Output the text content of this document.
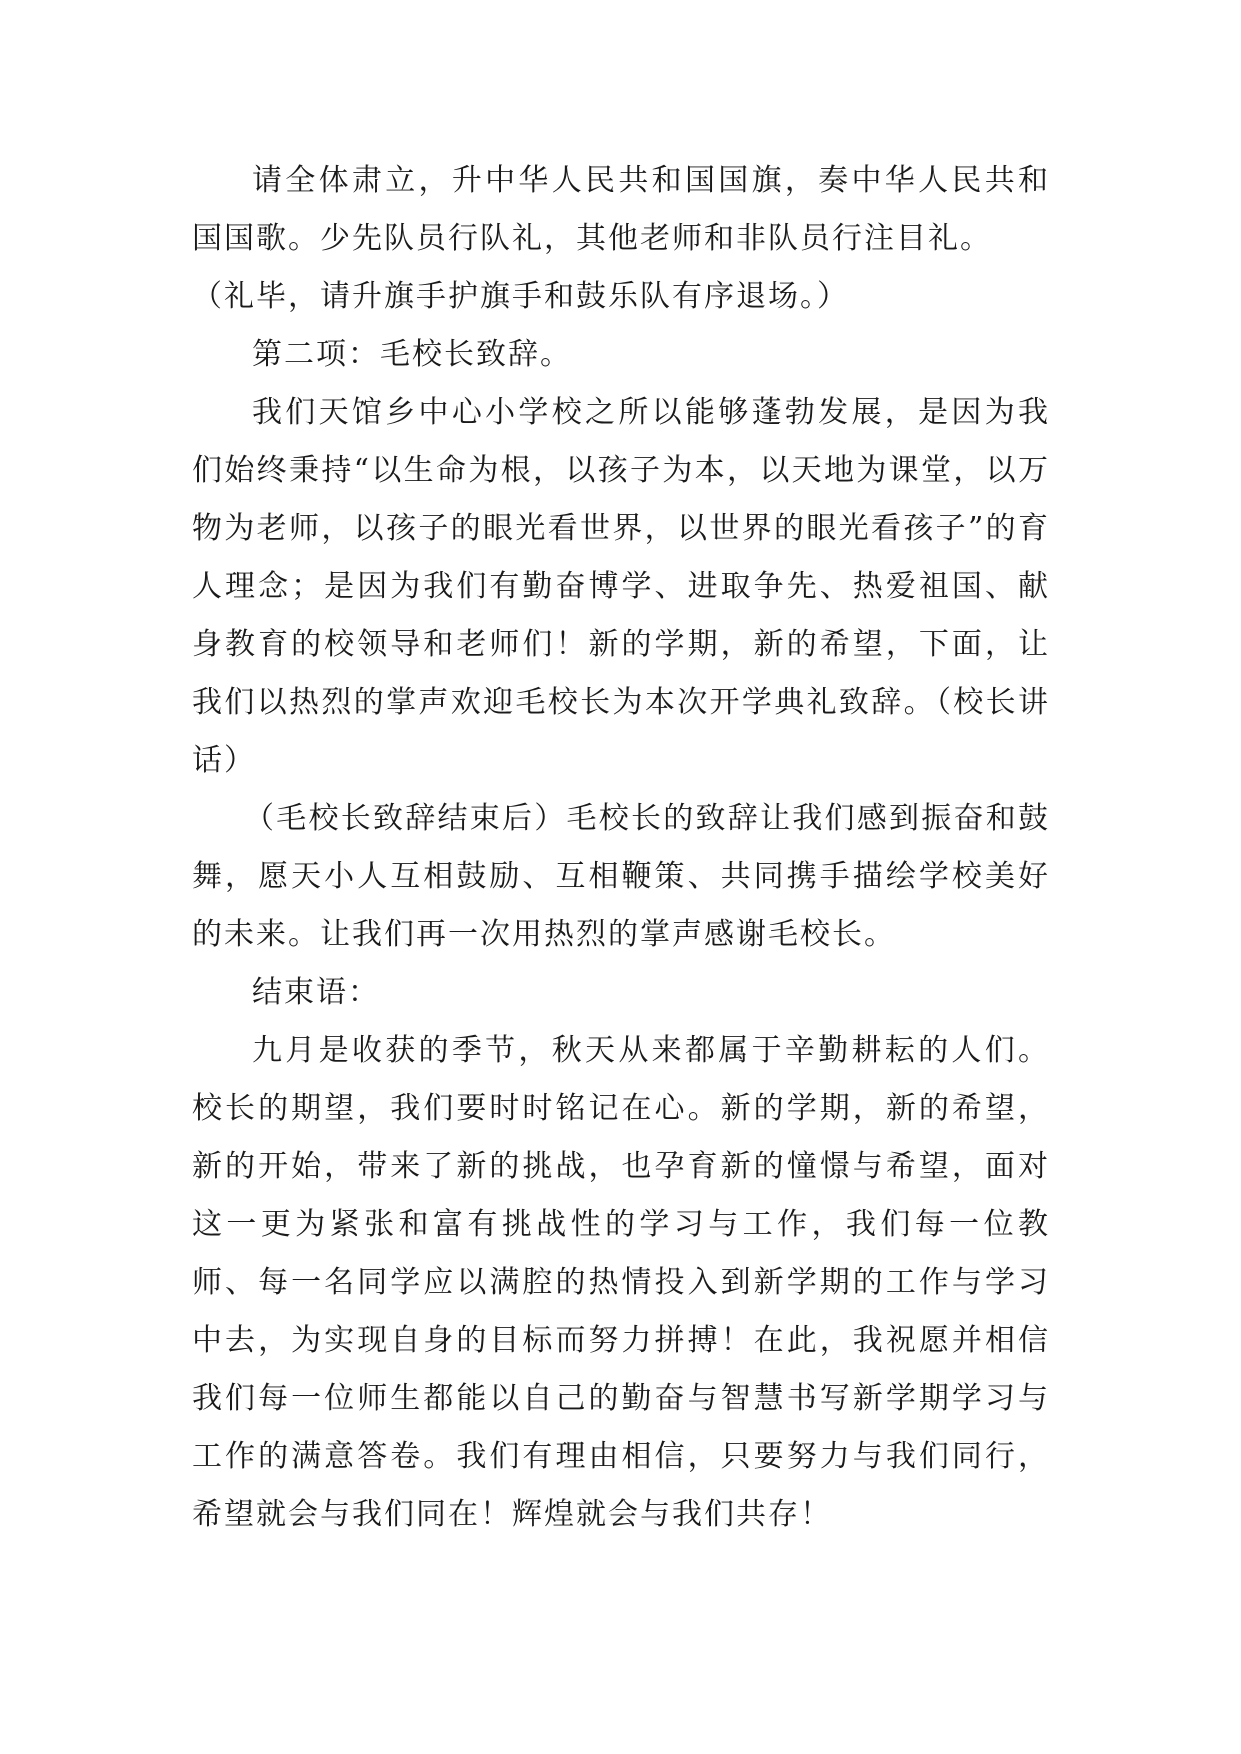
请全体肃立，升中华人民共和国国旗，奏中华人民共和国国歌。少先队员行队礼，其他老师和非队员行注目礼。

（礼毕，请升旗手护旗手和鼓乐队有序退场。）

第二项：毛校长致辞。

我们天馆乡中心小学校之所以能够蓬勃发展，是因为我们始终秉持“以生命为根，以孩子为本，以天地为课堂，以万物为老师，以孩子的眼光看世界，以世界的眼光看孩子”的育人理念；是因为我们有勤奋博学、进取争先、热爱祖国、献身教育的校领导和老师们！新的学期，新的希望，下面，让我们以热烈的掌声欢迎毛校长为本次开学典礼致辞。（校长讲话）

（毛校长致辞结束后）毛校长的致辞让我们感到振奋和鼓舞，愿天小人互相鼓励、互相鞭策、共同携手描绘学校美好的未来。让我们再一次用热烈的掌声感谢毛校长。

结束语：

九月是收获的季节，秋天从来都属于辛勤耕耘的人们。校长的期望，我们要时时铭记在心。新的学期，新的希望，新的开始，带来了新的挑战，也孕育新的憧憬与希望，面对这一更为紧张和富有挑战性的学习与工作，我们每一位教师、每一名同学应以满腔的热情投入到新学期的工作与学习中去，为实现自身的目标而努力拼搏！在此，我祝愿并相信我们每一位师生都能以自己的勤奋与智慧书写新学期学习与工作的满意答卷。我们有理由相信，只要努力与我们同行，希望就会与我们同在！辉煌就会与我们共存！
